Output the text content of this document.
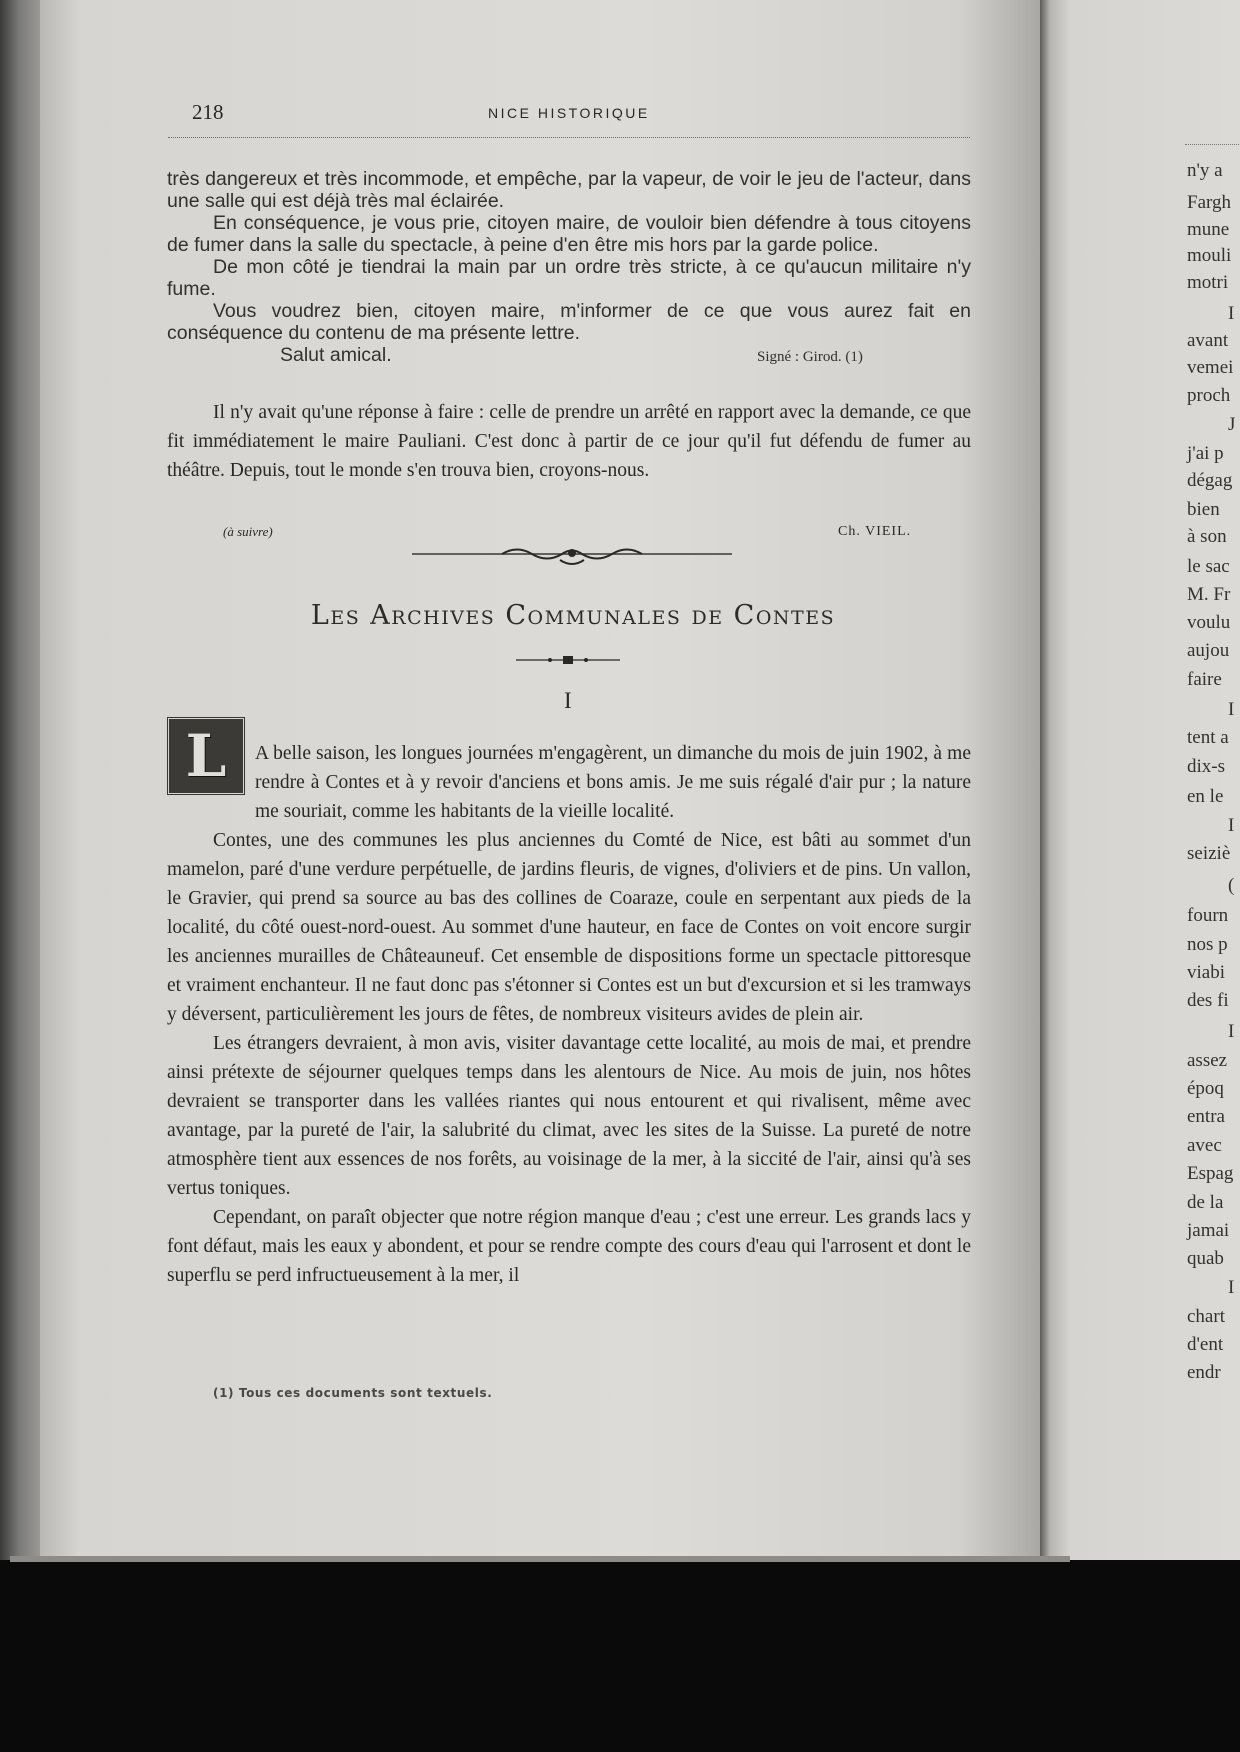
n'y a
Fargh
mune
mouli
motri
I
avant
vemei
proch
J
j'ai p
dégag
bien
à son
le sac
M. Fr
voulu
aujou
faire
I
tent a
dix-s
en le
I
seiziè
(
fourn
nos p
viabi
des fi
I
assez
époq
entra
avec
Espag
de la
jamai
quab
I
chart
d'ent
endr
218	NICE HISTORIQUE

très dangereux et très incommode, et empêche, par la vapeur, de voir le jeu de l'acteur, dans une salle qui est déjà très mal éclairée.

En conséquence, je vous prie, citoyen maire, de vouloir bien défendre à tous citoyens de fumer dans la salle du spectacle, à peine d'en être mis hors par la garde police.

De mon côté je tiendrai la main par un ordre très stricte, à ce qu'aucun militaire n'y fume.

Vous voudrez bien, citoyen maire, m'informer de ce que vous aurez fait en conséquence du contenu de ma présente lettre.

Salut amical.	Signé : Girod. (1)

Il n'y avait qu'une réponse à faire : celle de prendre un arrêté en rapport avec la demande, ce que fit immédiatement le maire Pauliani. C'est donc à partir de ce jour qu'il fut défendu de fumer au théâtre. Depuis, tout le monde s'en trouva bien, croyons-nous.

(à suivre)	Ch. VIEIL.
Les Archives Communales de Contes
I
L A belle saison, les longues journées m'engagèrent, un dimanche du mois de juin 1902, à me rendre à Contes et à y revoir d'anciens et bons amis. Je me suis régalé d'air pur ; la nature me souriait, comme les habitants de la vieille localité.

Contes, une des communes les plus anciennes du Comté de Nice, est bâti au sommet d'un mamelon, paré d'une verdure perpétuelle, de jardins fleuris, de vignes, d'oliviers et de pins. Un vallon, le Gravier, qui prend sa source au bas des collines de Coaraze, coule en serpentant aux pieds de la localité, du côté ouest-nord-ouest. Au sommet d'une hauteur, en face de Contes on voit encore surgir les anciennes murailles de Châteauneuf. Cet ensemble de dispositions forme un spectacle pittoresque et vraiment enchanteur. Il ne faut donc pas s'étonner si Contes est un but d'excursion et si les tramways y déversent, particulièrement les jours de fêtes, de nombreux visiteurs avides de plein air.

Les étrangers devraient, à mon avis, visiter davantage cette localité, au mois de mai, et prendre ainsi prétexte de séjourner quelques temps dans les alentours de Nice. Au mois de juin, nos hôtes devraient se transporter dans les vallées riantes qui nous entourent et qui rivalisent, même avec avantage, par la pureté de l'air, la salubrité du climat, avec les sites de la Suisse. La pureté de notre atmosphère tient aux essences de nos forêts, au voisinage de la mer, à la siccité de l'air, ainsi qu'à ses vertus toniques.

Cependant, on paraît objecter que notre région manque d'eau ; c'est une erreur. Les grands lacs y font défaut, mais les eaux y abondent, et pour se rendre compte des cours d'eau qui l'arrosent et dont le superflu se perd infructueusement à la mer, il

(1) Tous ces documents sont textuels.
